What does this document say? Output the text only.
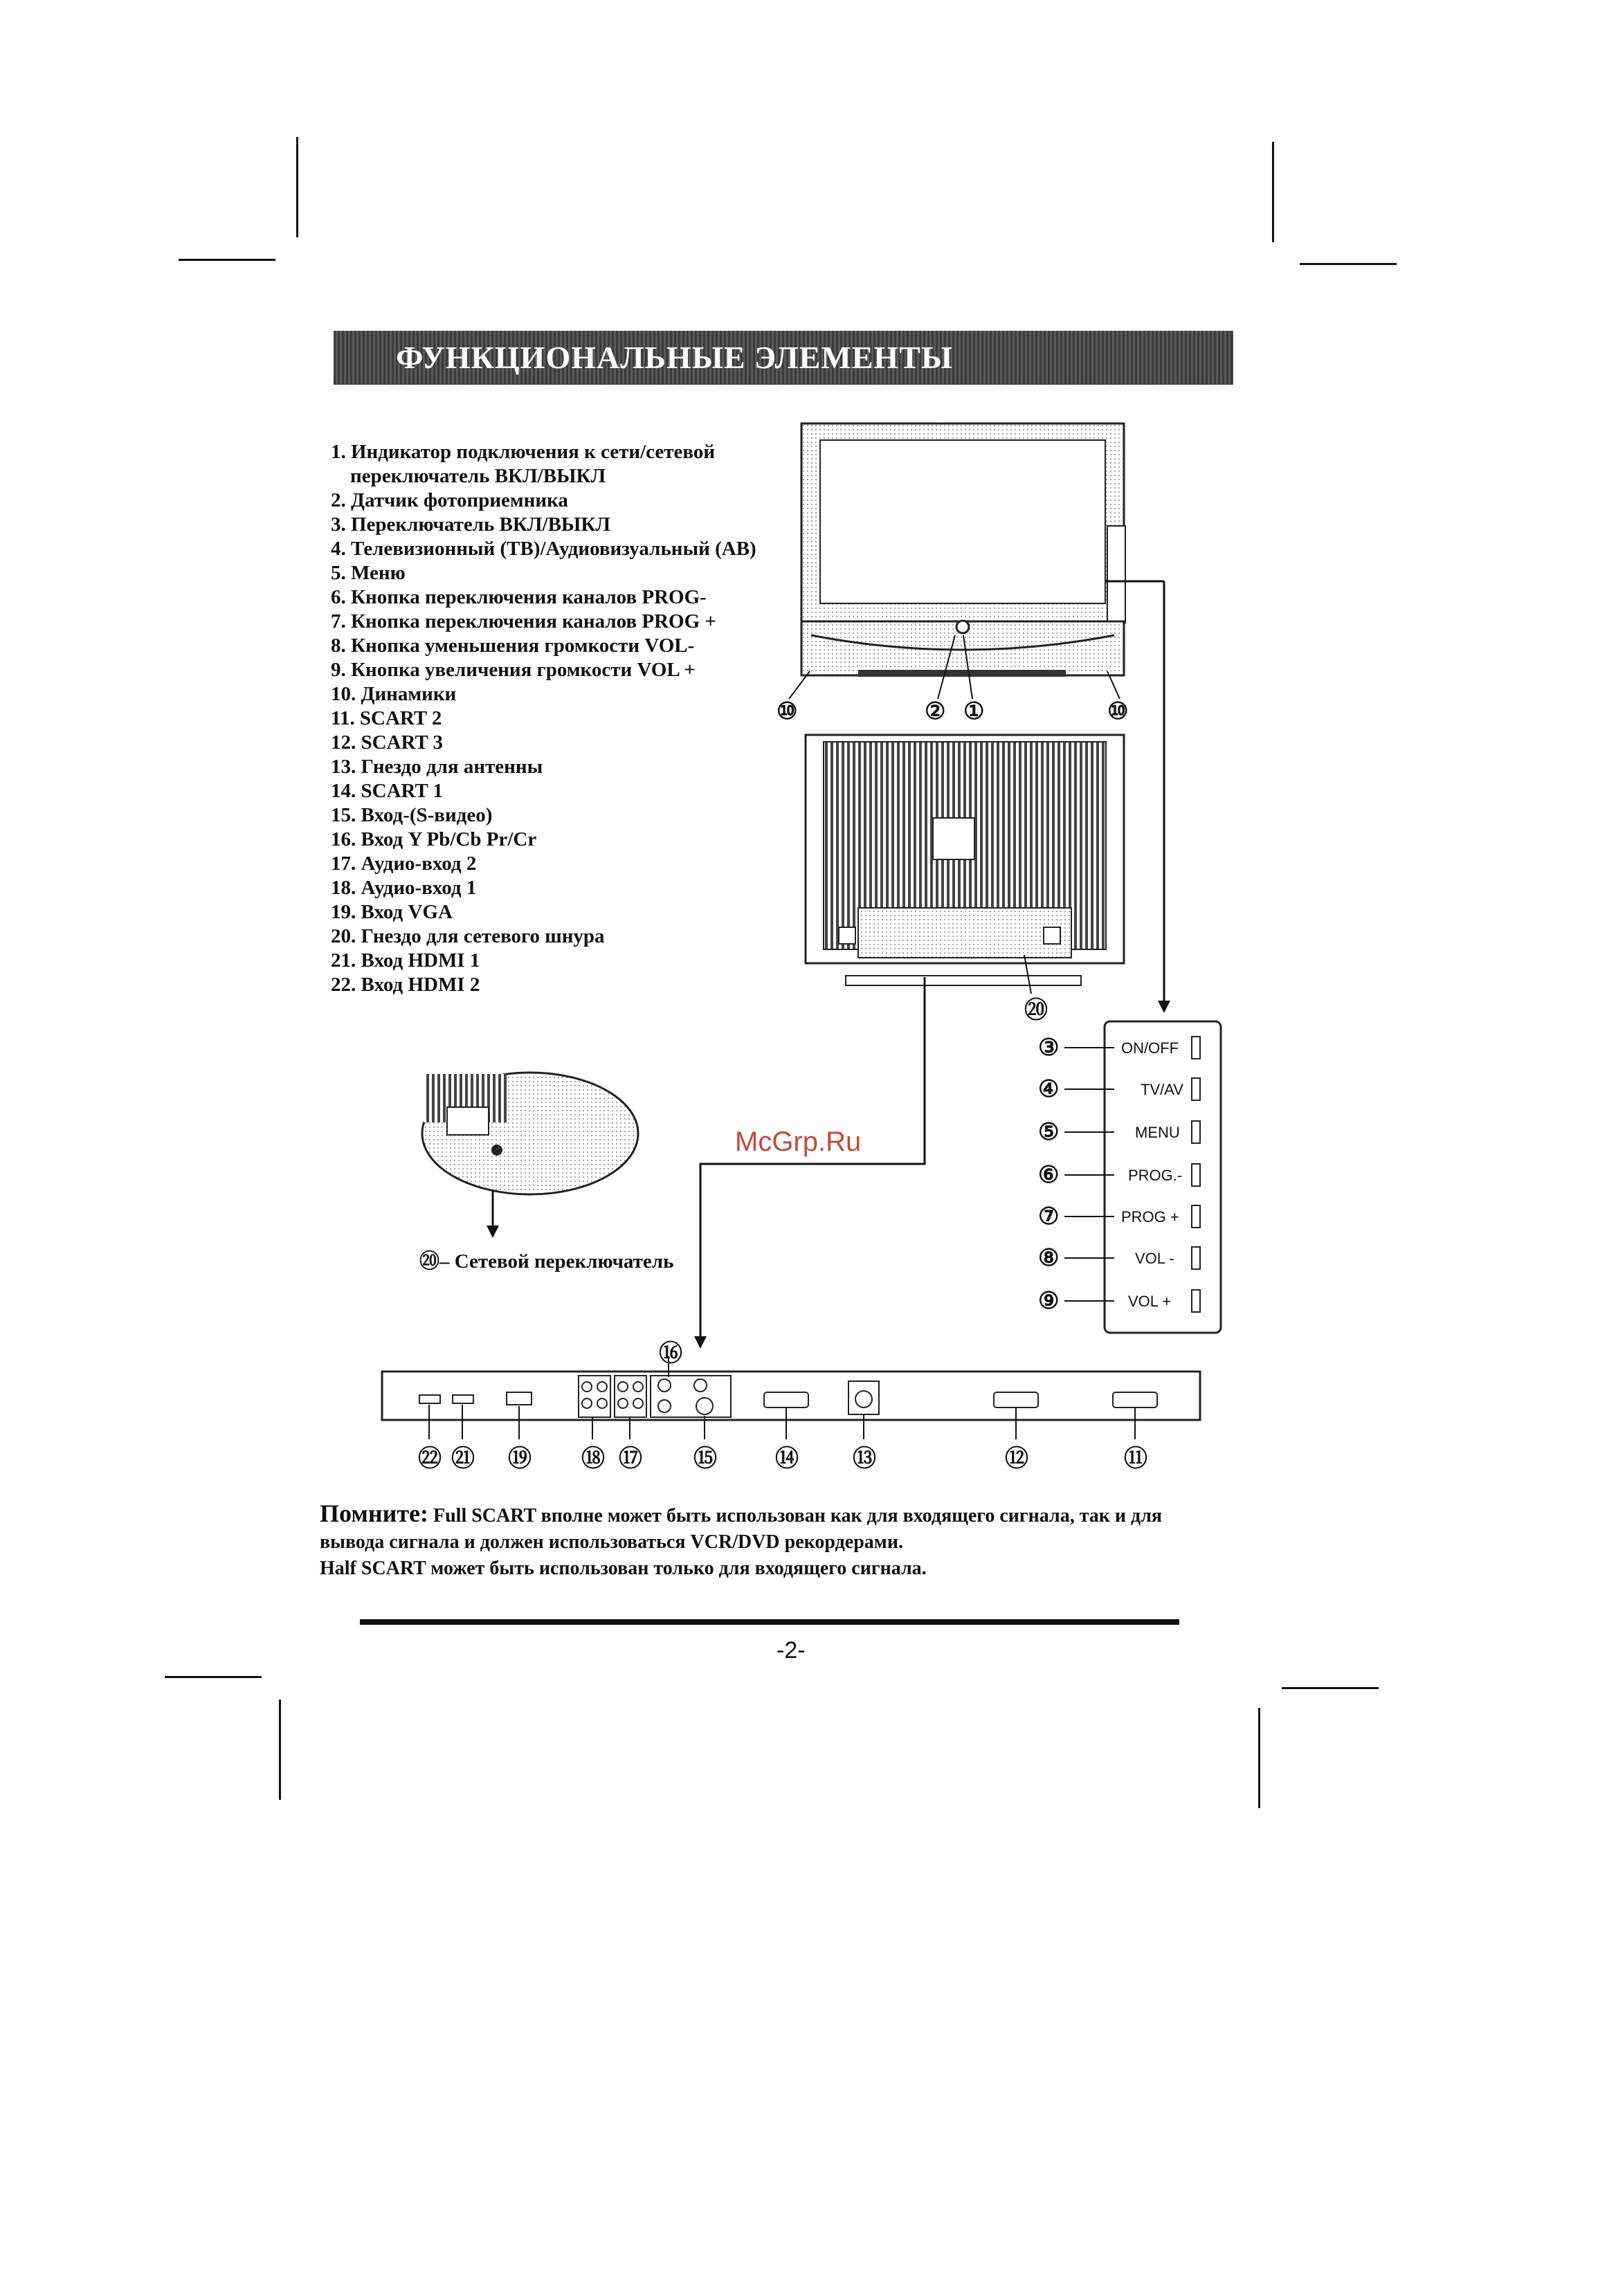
ФУНКЦИОНАЛЬНЫЕ ЭЛЕМЕНТЫ
1. Индикатор подключения к сети/сетевой
переключатель ВКЛ/ВЫКЛ
2. Датчик фотоприемника
3. Переключатель ВКЛ/ВЫКЛ
4. Телевизионный (ТВ)/Аудиовизуальный (АВ)
5. Меню
6. Кнопка переключения каналов PROG-
7. Кнопка переключения каналов PROG +
8. Кнопка уменьшения громкости VOL-
9. Кнопка увеличения громкости VOL +
10. Динамики
11. SCART 2
12. SCART 3
13. Гнездо для антенны
14. SCART 1
15. Вход-(S-видео)
16. Вход Y Pb/Cb Pr/Cr
17. Аудио-вход 2
18. Аудио-вход 1
19. Вход VGA
20. Гнездо для сетевого шнура
21. Вход HDMI 1
22. Вход HDMI 2
⑩	② ①	⑩
⑳
McGrp.Ru
⑳– Сетевой переключатель
③	ON/OFF
④	TV/AV
⑤	MENU
⑥	PROG.-
⑦	PROG +
⑧	VOL -
⑨	VOL +
⑯
㉒ ㉑ ⑲ ⑱ ⑰ ⑮ ⑭ ⑬	⑫	⑪
Помните: Full SCART вполне может быть использован как для входящего сигнала, так и для
вывода сигнала и должен использоваться VCR/DVD рекордерами.
Half SCART может быть использован только для входящего сигнала.
-2-
